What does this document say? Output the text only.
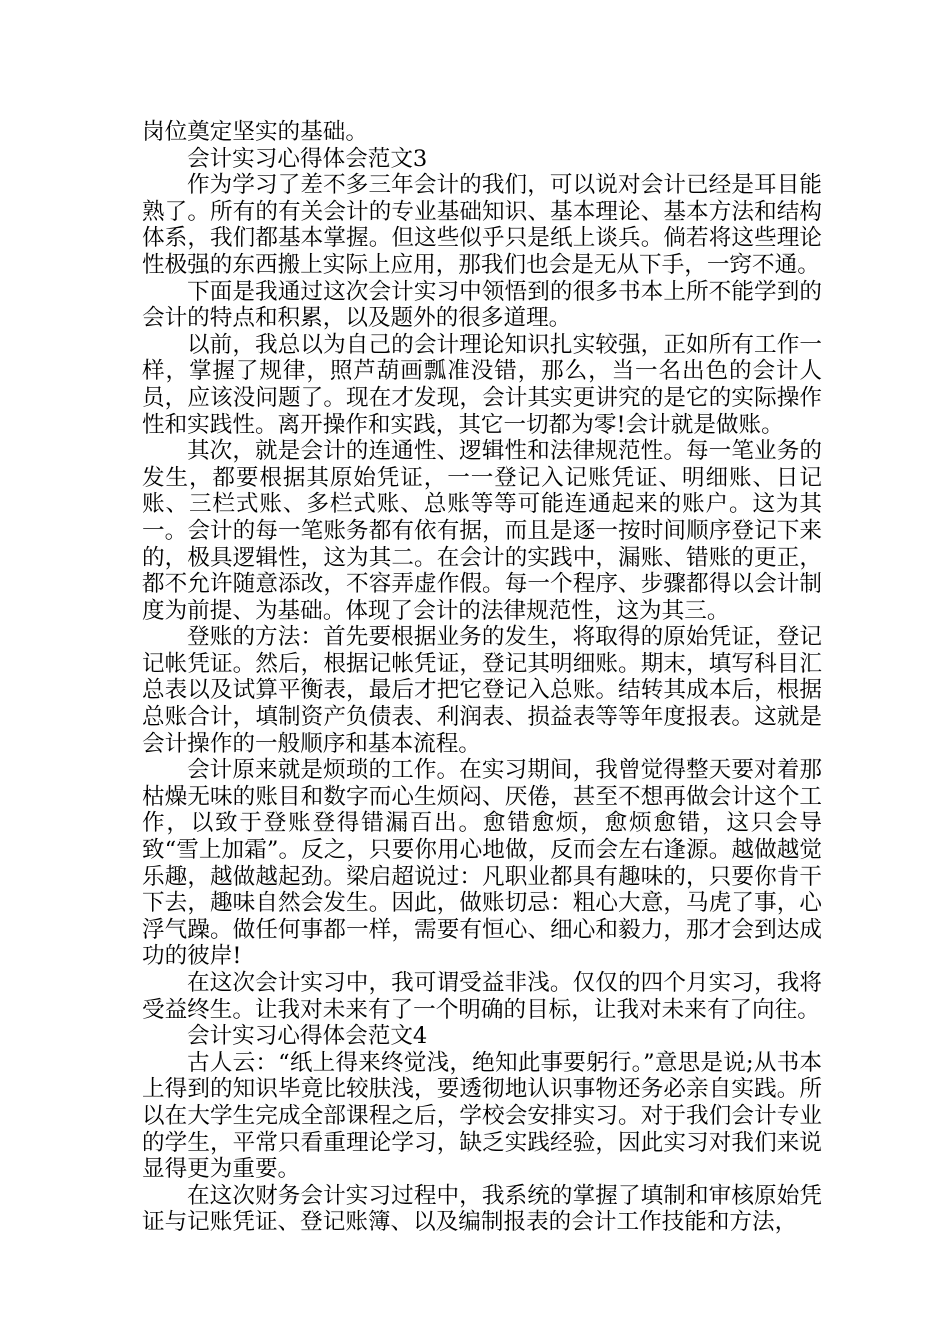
岗位奠定坚实的基础。

会计实习心得体会范文3

作为学习了差不多三年会计的我们，可以说对会计已经是耳目能熟了。所有的有关会计的专业基础知识、基本理论、基本方法和结构体系，我们都基本掌握。但这些似乎只是纸上谈兵。倘若将这些理论性极强的东西搬上实际上应用，那我们也会是无从下手，一窍不通。

下面是我通过这次会计实习中领悟到的很多书本上所不能学到的会计的特点和积累，以及题外的很多道理。

以前，我总以为自己的会计理论知识扎实较强，正如所有工作一样，掌握了规律，照芦葫画瓢准没错，那么，当一名出色的会计人员，应该没问题了。现在才发现，会计其实更讲究的是它的实际操作性和实践性。离开操作和实践，其它一切都为零!会计就是做账。

其次，就是会计的连通性、逻辑性和法律规范性。每一笔业务的发生，都要根据其原始凭证，一一登记入记账凭证、明细账、日记账、三栏式账、多栏式账、总账等等可能连通起来的账户。这为其一。会计的每一笔账务都有依有据，而且是逐一按时间顺序登记下来的，极具逻辑性，这为其二。在会计的实践中，漏账、错账的更正，都不允许随意添改，不容弄虚作假。每一个程序、步骤都得以会计制度为前提、为基础。体现了会计的法律规范性，这为其三。

登账的方法：首先要根据业务的发生，将取得的原始凭证，登记记帐凭证。然后，根据记帐凭证，登记其明细账。期末，填写科目汇总表以及试算平衡表，最后才把它登记入总账。结转其成本后，根据总账合计，填制资产负债表、利润表、损益表等等年度报表。这就是会计操作的一般顺序和基本流程。

会计原来就是烦琐的工作。在实习期间，我曾觉得整天要对着那枯燥无味的账目和数字而心生烦闷、厌倦，甚至不想再做会计这个工作，以致于登账登得错漏百出。愈错愈烦，愈烦愈错，这只会导致“雪上加霜”。反之，只要你用心地做，反而会左右逢源。越做越觉乐趣，越做越起劲。梁启超说过：凡职业都具有趣味的，只要你肯干下去，趣味自然会发生。因此，做账切忌：粗心大意，马虎了事，心浮气躁。做任何事都一样，需要有恒心、细心和毅力，那才会到达成功的彼岸!

在这次会计实习中，我可谓受益非浅。仅仅的四个月实习，我将受益终生。让我对未来有了一个明确的目标，让我对未来有了向往。

会计实习心得体会范文4

古人云：“纸上得来终觉浅，绝知此事要躬行。”意思是说;从书本上得到的知识毕竟比较肤浅，要透彻地认识事物还务必亲自实践。所以在大学生完成全部课程之后，学校会安排实习。对于我们会计专业的学生，平常只看重理论学习，缺乏实践经验，因此实习对我们来说显得更为重要。

在这次财务会计实习过程中，我系统的掌握了填制和审核原始凭证与记账凭证、登记账簿、以及编制报表的会计工作技能和方法，
